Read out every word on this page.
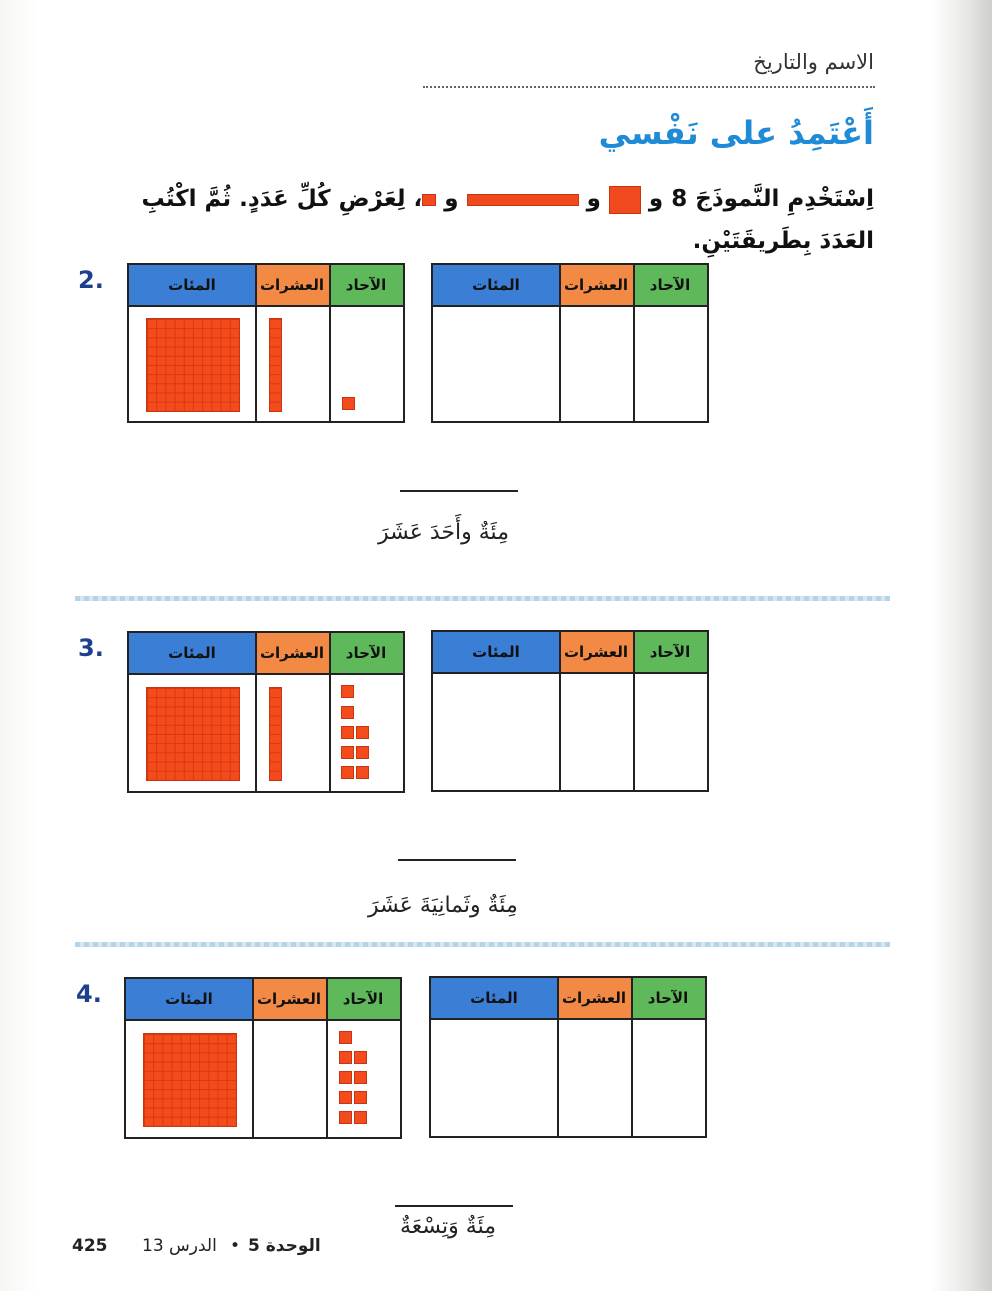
الاسم والتاريخ
أَعْتَمِدُ على نَفْسي
اِسْتَخْدِمِ النَّموذَجَ 8 و  و  و ، لِعَرْضِ كُلِّ عَدَدٍ. ثُمَّ اكْتُبِ العَدَدَ بِطَريقَتَيْنِ.
2.	المئات	العشرات	الآحاد	المئات	العشرات	الآحاد
مِئَةٌ وأَحَدَ عَشَرَ
3.	المئات	العشرات	الآحاد	المئات	العشرات	الآحاد
مِئَةٌ وثَمانِيَةَ عَشَرَ
4.	المئات	العشرات	الآحاد	المئات	العشرات	الآحاد
مِئَةٌ وَتِسْعَةٌ
425 الدرس 13 • الوحدة 5
